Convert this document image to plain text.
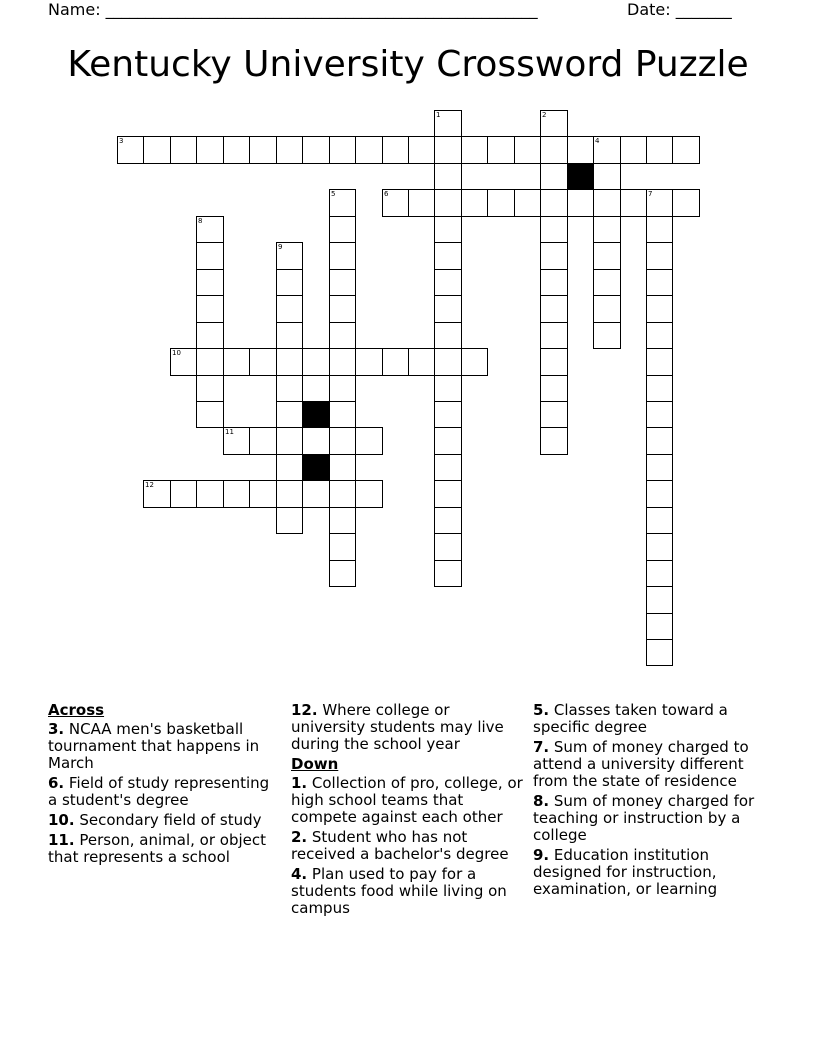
Name: ______________________________________________________	Date: _______
Kentucky University Crossword Puzzle
1	2
3	4
5	6	7
8
9
10
11
12
Across
3. NCAA men's basketball tournament that happens in March
6. Field of study representing a student's degree
10. Secondary field of study
11. Person, animal, or object that represents a school
12. Where college or university students may live during the school year
Down
1. Collection of pro, college, or high school teams that compete against each other
2. Student who has not received a bachelor's degree
4. Plan used to pay for a students food while living on campus
5. Classes taken toward a specific degree
7. Sum of money charged to attend a university different from the state of residence
8. Sum of money charged for teaching or instruction by a college
9. Education institution designed for instruction, examination, or learning
